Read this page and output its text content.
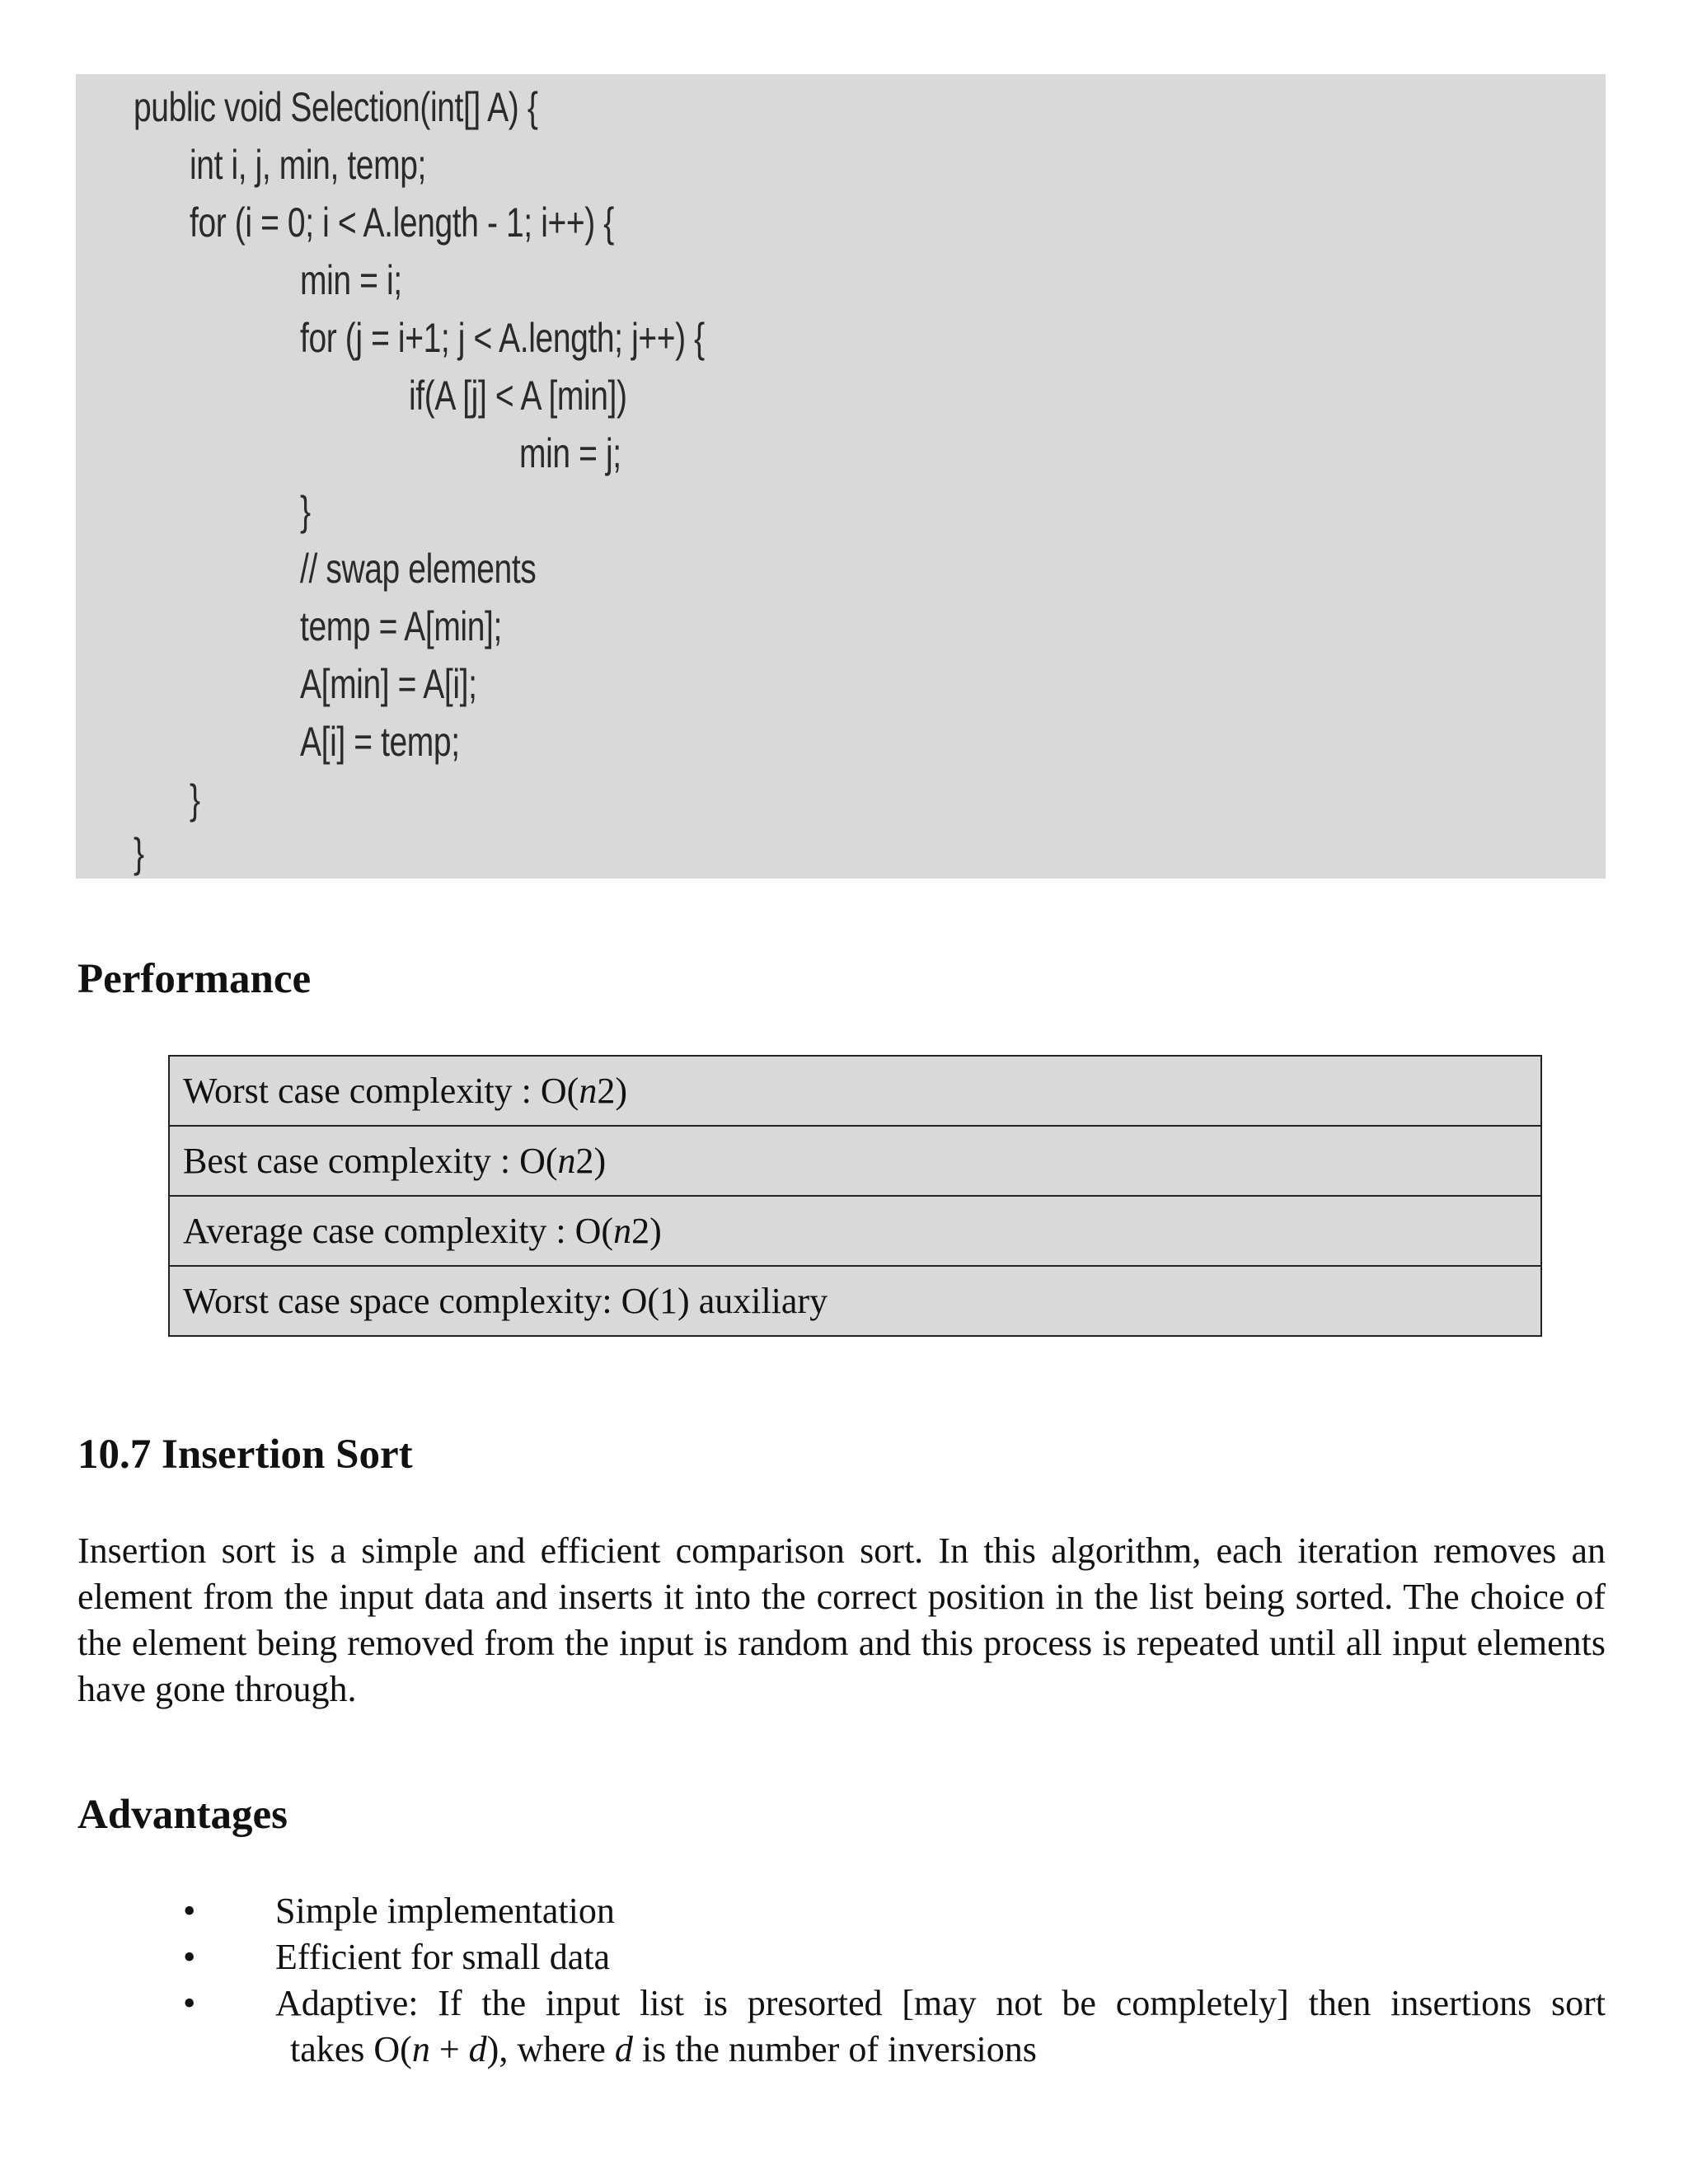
public void Selection(int[] A) {
int i, j, min, temp;
for (i = 0; i < A.length - 1; i++) {
min = i;
for (j = i+1; j < A.length; j++) {
if(A [j] < A [min])
min = j;
}
// swap elements
temp = A[min];
A[min] = A[i];
A[i] = temp;
}
}
Performance
Worst case complexity : O(n2)
Best case complexity : O(n2)
Average case complexity : O(n2)
Worst case space complexity: O(1) auxiliary
10.7 Insertion Sort

Insertion sort is a simple and efficient comparison sort. In this algorithm, each iteration removes an element from the input data and inserts it into the correct position in the list being sorted. The choice of the element being removed from the input is random and this process is repeated until all input elements have gone through.

Advantages
•	Simple implementation
•	Efficient for small data
•	Adaptive: If the input list is presorted [may not be completely] then insertions sort
takes O(n + d), where d is the number of inversions
